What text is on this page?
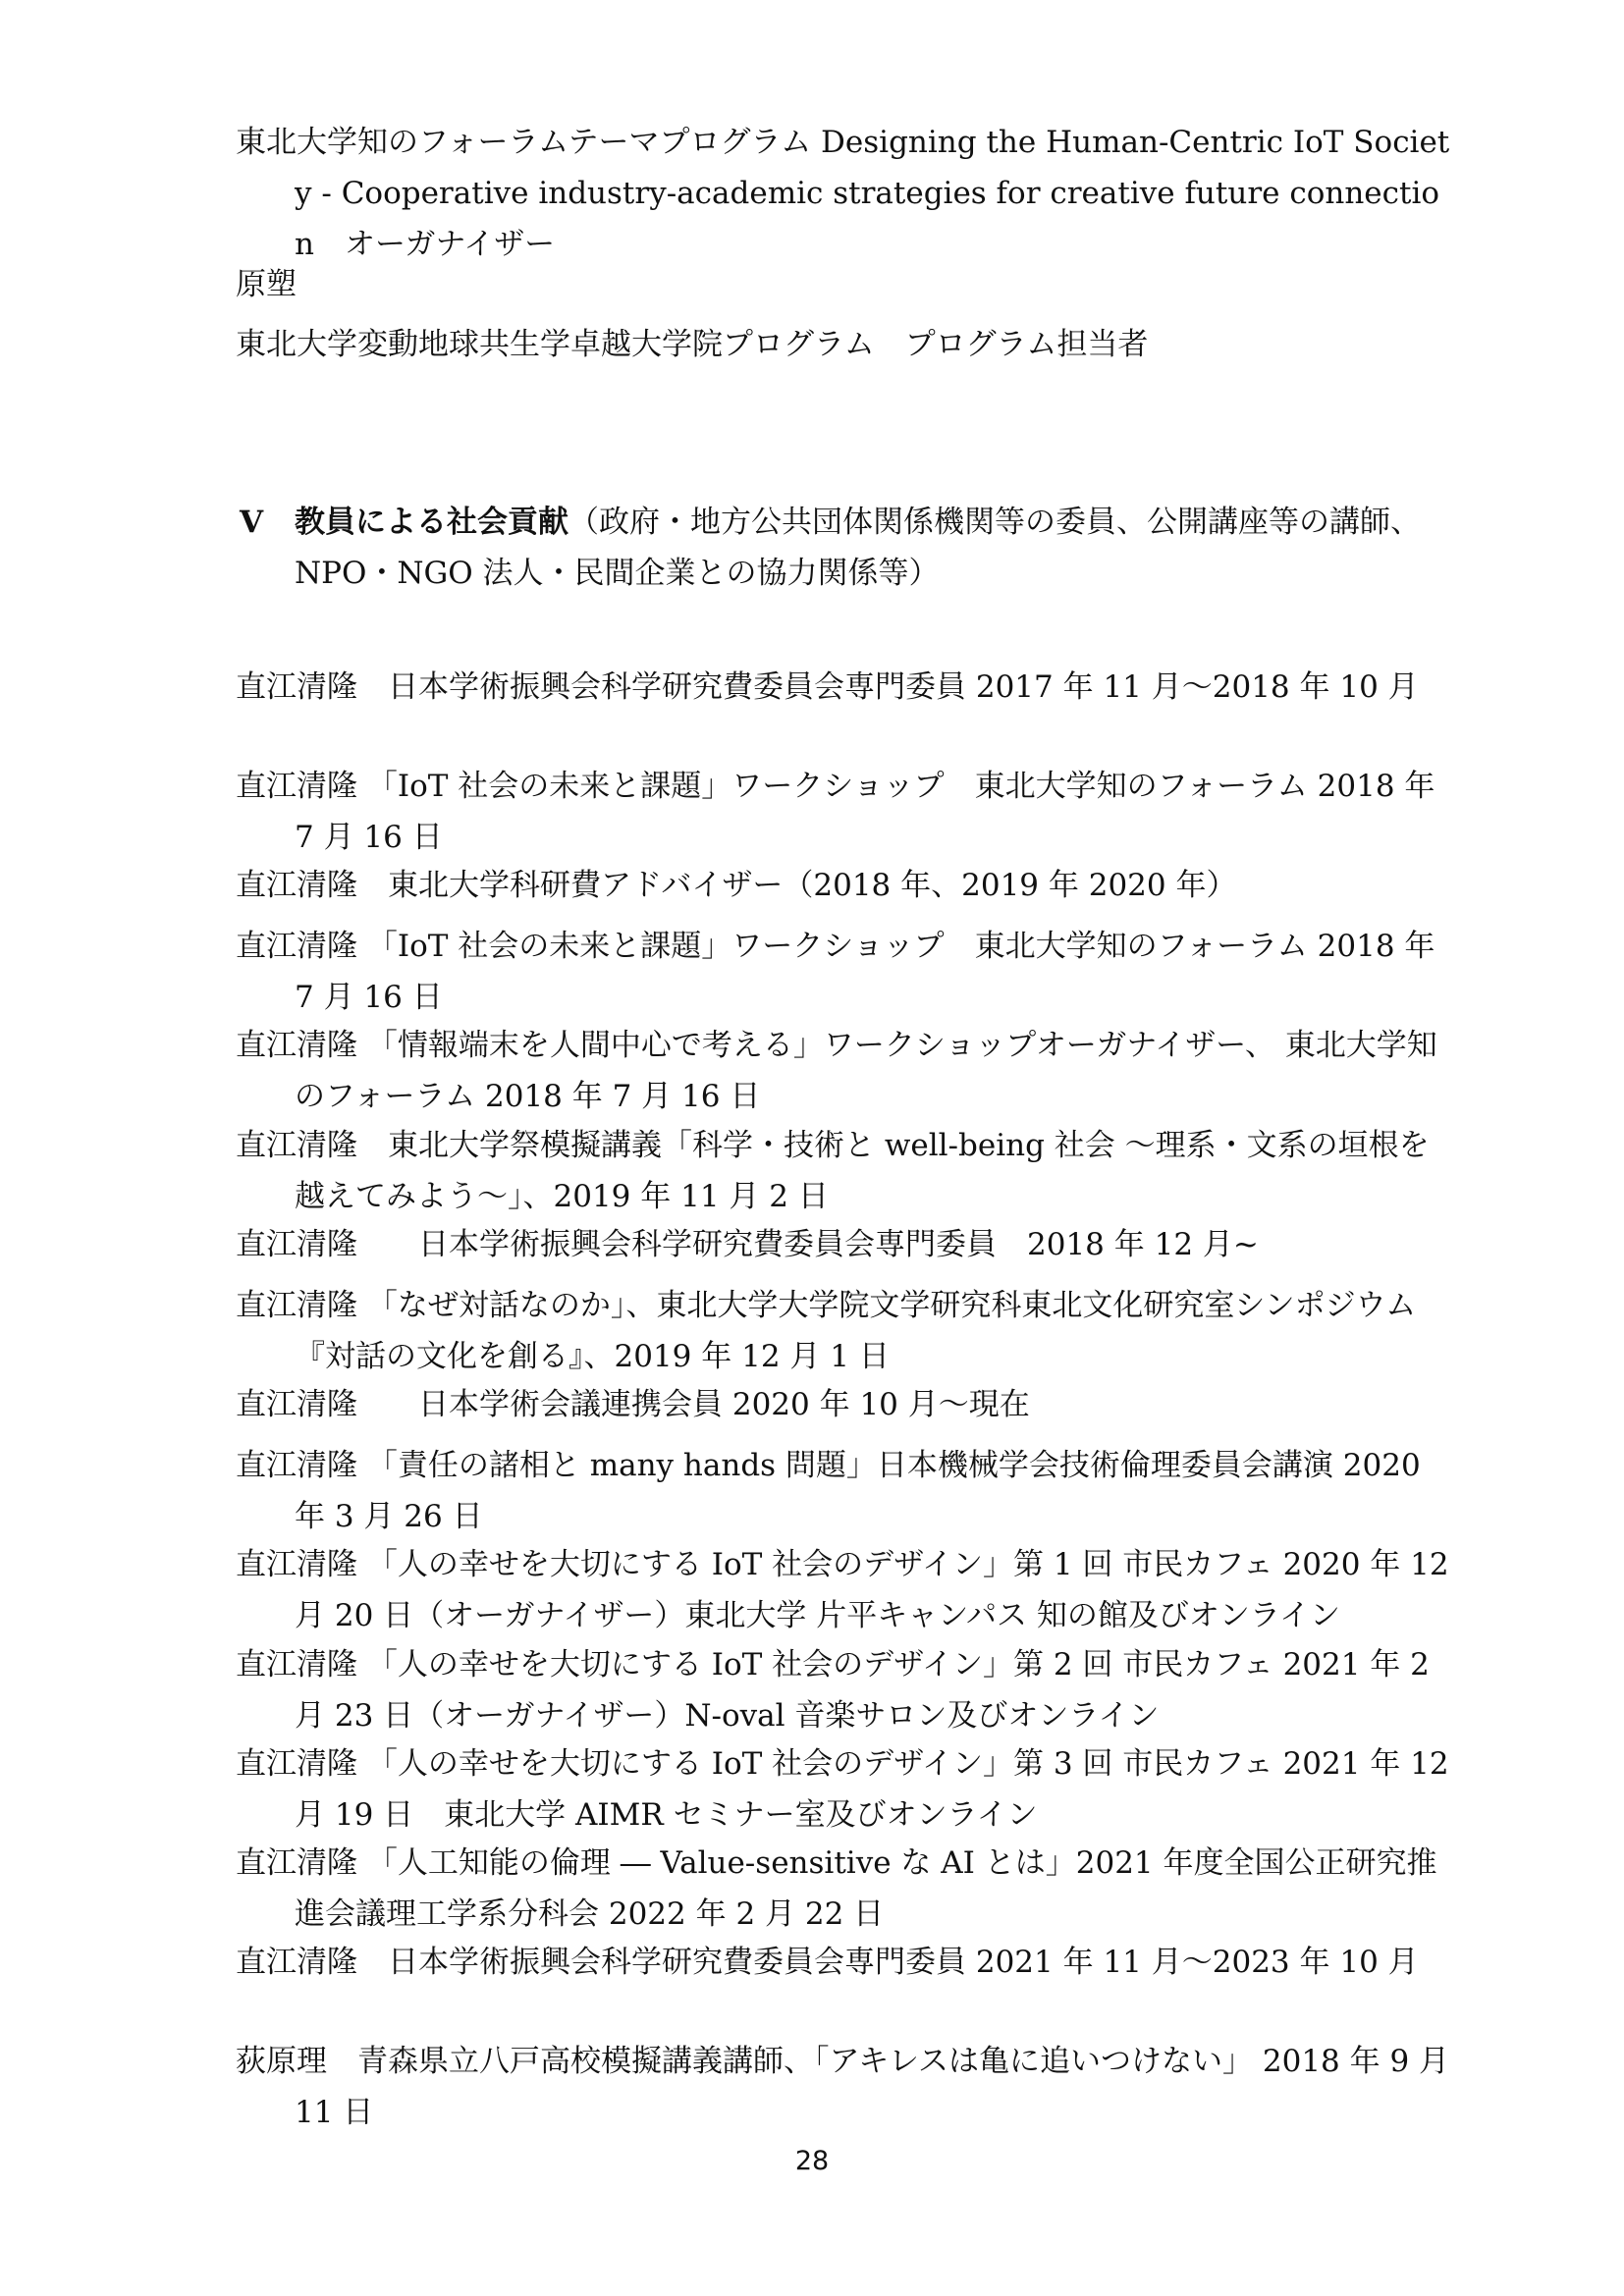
東北大学知のフォーラムテーマプログラム Designing the Human-Centric IoT Society - Cooperative industry-academic strategies for creative future connection　オーガナイザー

原塑

東北大学変動地球共生学卓越大学院プログラム　プログラム担当者

V 教員による社会貢献（政府・地方公共団体関係機関等の委員、公開講座等の講師、NPO・NGO 法人・民間企業との協力関係等）

直江清隆　日本学術振興会科学研究費委員会専門委員 2017 年 11 月～2018 年 10 月

直江清隆 「IoT 社会の未来と課題」ワークショップ　東北大学知のフォーラム 2018 年 7 月 16 日

直江清隆　東北大学科研費アドバイザー（2018 年、2019 年 2020 年）

直江清隆 「IoT 社会の未来と課題」ワークショップ　東北大学知のフォーラム 2018 年 7 月 16 日

直江清隆 「情報端末を人間中心で考える」ワークショップオーガナイザー、 東北大学知のフォーラム 2018 年 7 月 16 日

直江清隆　東北大学祭模擬講義「科学・技術と well-being 社会 ～理系・文系の垣根を越えてみよう～」、2019 年 11 月 2 日

直江清隆　　日本学術振興会科学研究費委員会専門委員　2018 年 12 月~

直江清隆 「なぜ対話なのか」、東北大学大学院文学研究科東北文化研究室シンポジウム『対話の文化を創る』、2019 年 12 月 1 日

直江清隆　　日本学術会議連携会員 2020 年 10 月～現在

直江清隆 「責任の諸相と many hands 問題」日本機械学会技術倫理委員会講演 2020 年 3 月 26 日

直江清隆 「人の幸せを大切にする IoT 社会のデザイン」第 1 回 市民カフェ 2020 年 12 月 20 日（オーガナイザー）東北大学 片平キャンパス 知の館及びオンライン

直江清隆 「人の幸せを大切にする IoT 社会のデザイン」第 2 回 市民カフェ 2021 年 2 月 23 日（オーガナイザー）N-oval 音楽サロン及びオンライン

直江清隆 「人の幸せを大切にする IoT 社会のデザイン」第 3 回 市民カフェ 2021 年 12 月 19 日　東北大学 AIMR セミナー室及びオンライン

直江清隆 「人工知能の倫理 ― Value-sensitive な AI とは」2021 年度全国公正研究推進会議理工学系分科会 2022 年 2 月 22 日

直江清隆　日本学術振興会科学研究費委員会専門委員 2021 年 11 月～2023 年 10 月

荻原理　青森県立八戸高校模擬講義講師、「アキレスは亀に追いつけない」 2018 年 9 月 11 日

28
